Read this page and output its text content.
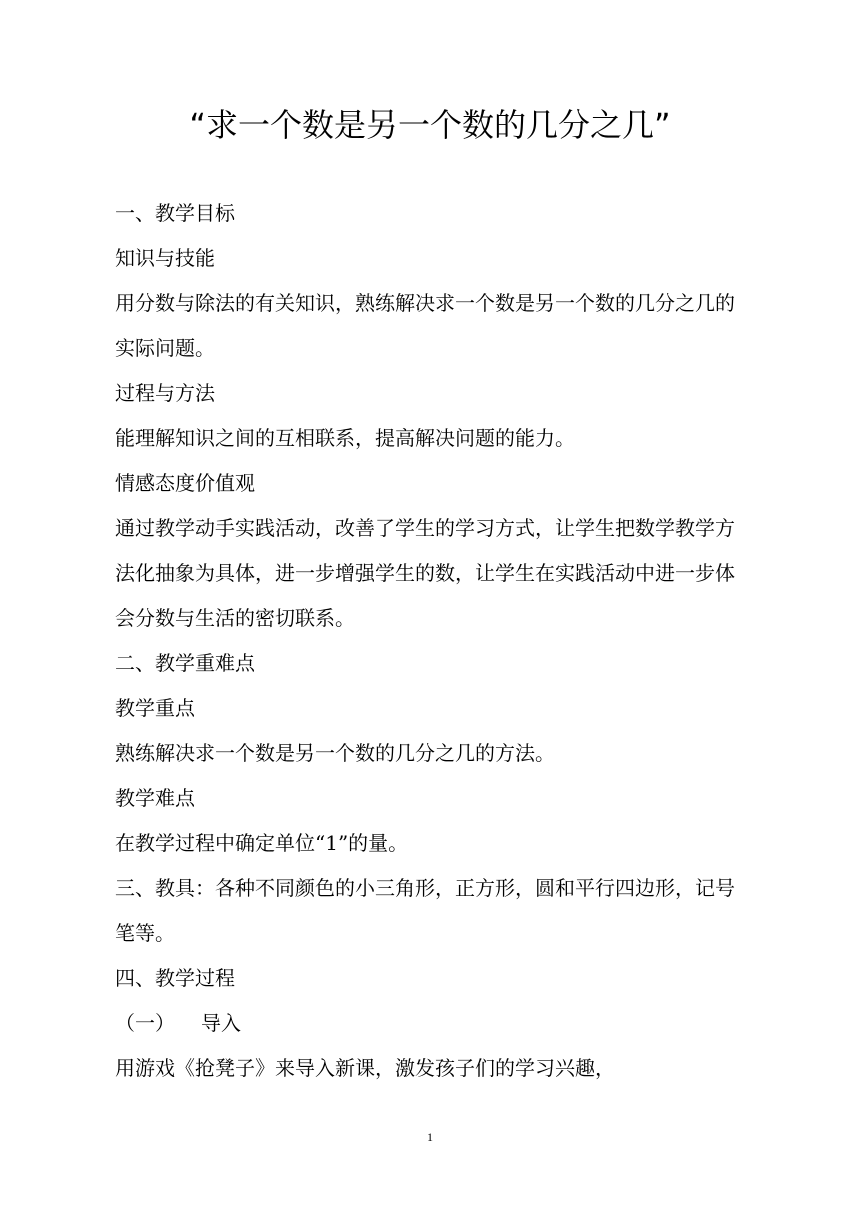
“求一个数是另一个数的几分之几”
一、教学目标
知识与技能
用分数与除法的有关知识，熟练解决求一个数是另一个数的几分之几的
实际问题。
过程与方法
能理解知识之间的互相联系，提高解决问题的能力。
情感态度价值观
通过教学动手实践活动，改善了学生的学习方式，让学生把数学教学方
法化抽象为具体，进一步增强学生的数，让学生在实践活动中进一步体
会分数与生活的密切联系。
二、教学重难点
教学重点
熟练解决求一个数是另一个数的几分之几的方法。
教学难点
在教学过程中确定单位“1”的量。
三、教具：各种不同颜色的小三角形，正方形，圆和平行四边形，记号
笔等。
四、教学过程
（一） 导入
用游戏《抢凳子》来导入新课，激发孩子们的学习兴趣，
1
